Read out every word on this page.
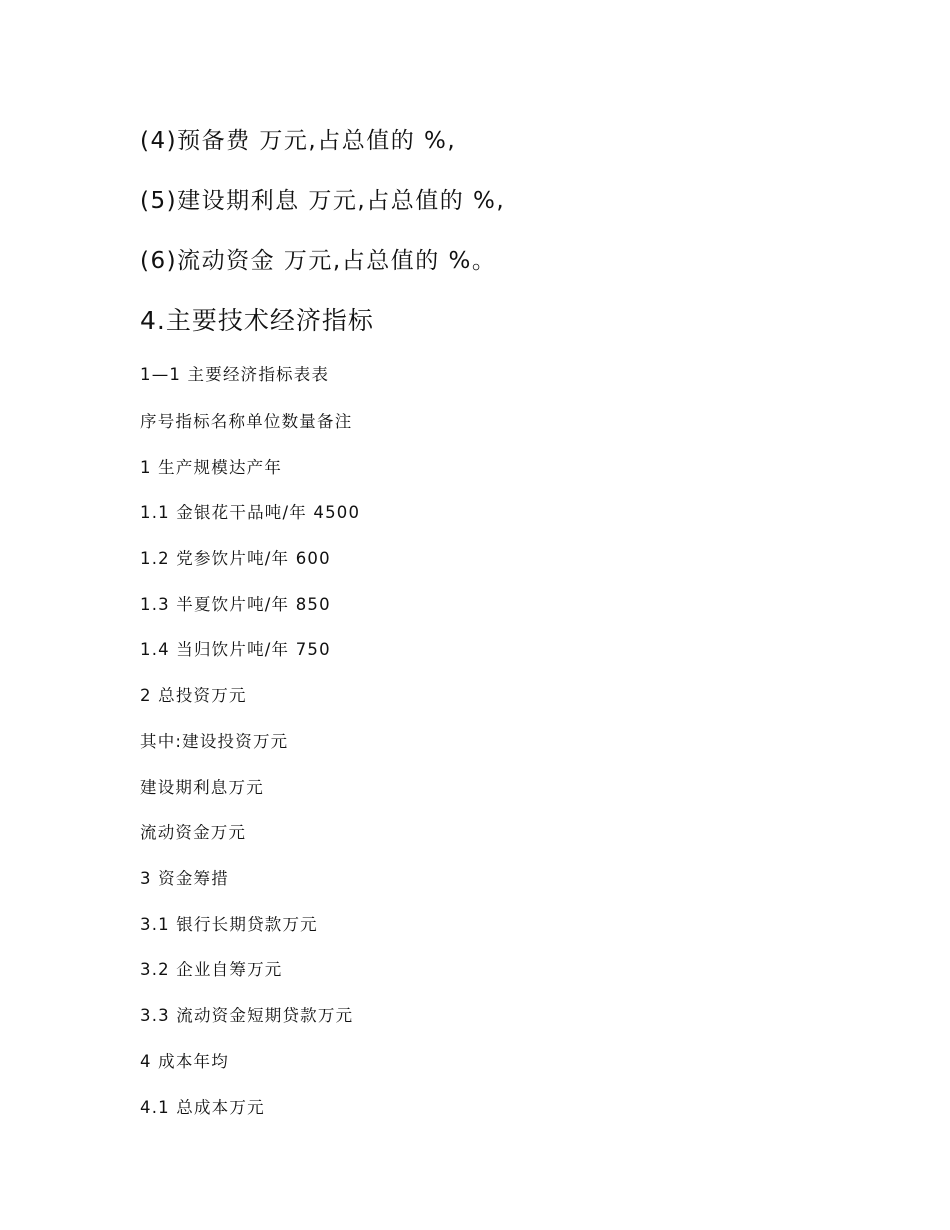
(4)预备费 万元,占总值的 %,
(5)建设期利息 万元,占总值的 %,
(6)流动资金 万元,占总值的 %。
4.主要技术经济指标
1—1 主要经济指标表表
序号指标名称单位数量备注
1 生产规模达产年
1.1 金银花干品吨/年 4500
1.2 党参饮片吨/年 600
1.3 半夏饮片吨/年 850
1.4 当归饮片吨/年 750
2 总投资万元
其中:建设投资万元
建设期利息万元
流动资金万元
3 资金筹措
3.1 银行长期贷款万元
3.2 企业自筹万元
3.3 流动资金短期贷款万元
4 成本年均
4.1 总成本万元
